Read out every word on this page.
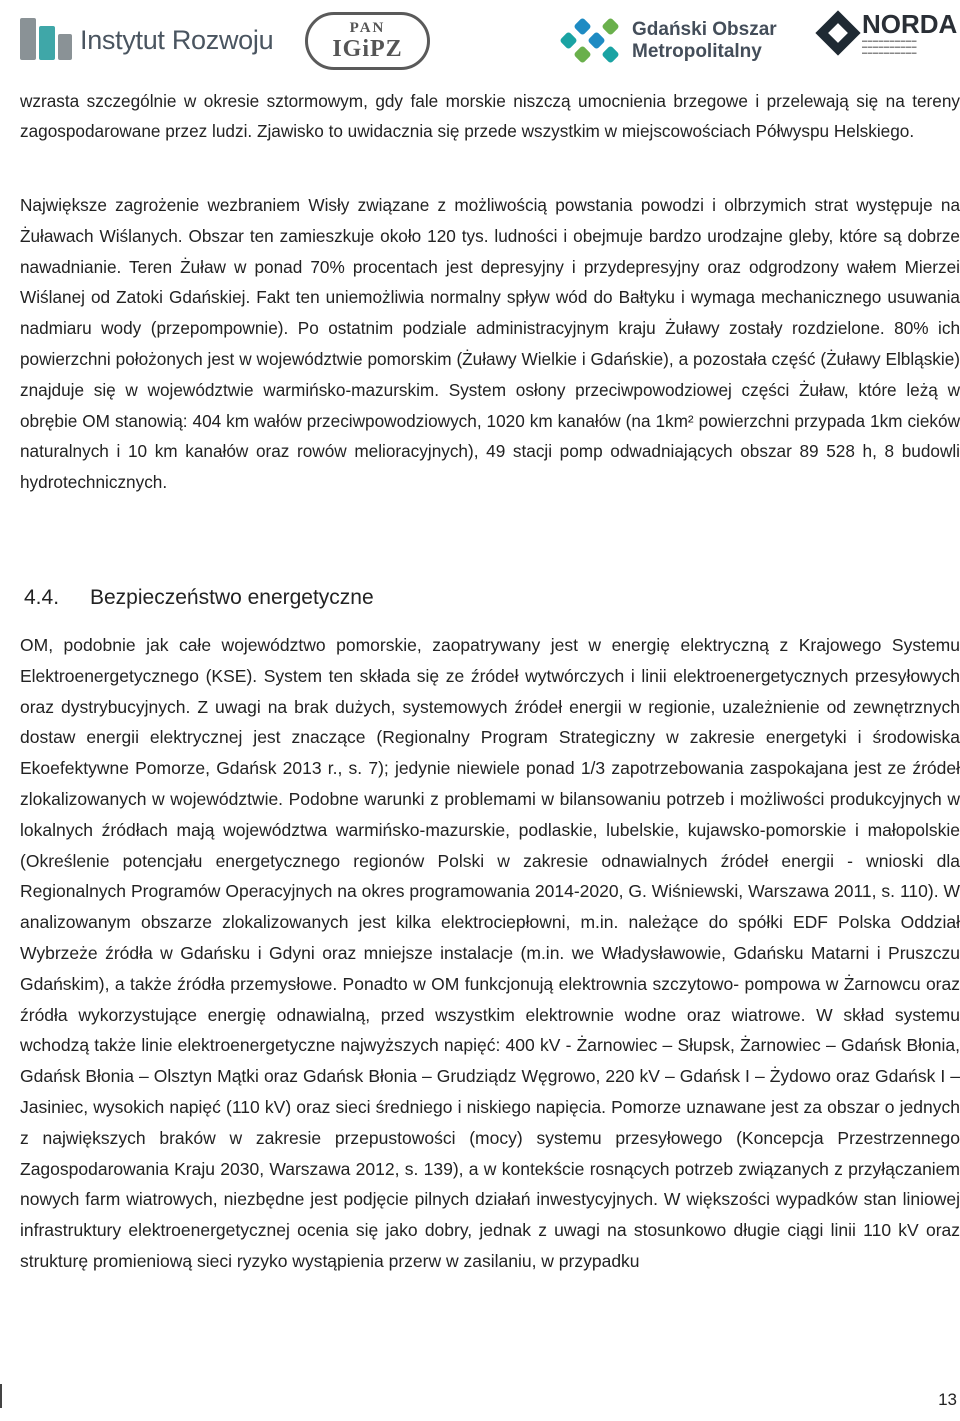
Instytut Rozwoju	PAN
IGiPZ
Gdański Obszar
Metropolitalny
NORDA
▬▬▬▬▬▬▬▬▬▬
▬▬▬▬▬▬▬▬▬▬
▬▬▬▬▬▬▬▬▬▬

wzrasta szczególnie w okresie sztormowym, gdy fale morskie niszczą umocnienia brzegowe i przelewają się na tereny zagospodarowane przez ludzi. Zjawisko to uwidacznia się przede wszystkim w miejscowościach Półwyspu Helskiego.

Największe zagrożenie wezbraniem Wisły związane z możliwością powstania powodzi i olbrzymich strat występuje na Żuławach Wiślanych. Obszar ten zamieszkuje około 120 tys. ludności i obejmuje bardzo urodzajne gleby, które są dobrze nawadnianie. Teren Żuław w ponad 70% procentach jest depresyjny i przydepresyjny oraz odgrodzony wałem Mierzei Wiślanej od Zatoki Gdańskiej. Fakt ten uniemożliwia normalny spływ wód do Bałtyku i wymaga mechanicznego usuwania nadmiaru wody (przepompownie). Po ostatnim podziale administracyjnym kraju Żuławy zostały rozdzielone. 80% ich powierzchni położonych jest w województwie pomorskim (Żuławy Wielkie i Gdańskie), a pozostała część (Żuławy Elbląskie) znajduje się w województwie warmińsko-mazurskim. System osłony przeciwpowodziowej części Żuław, które leżą w obrębie OM stanowią: 404 km wałów przeciwpowodziowych, 1020 km kanałów (na 1km² powierzchni przypada 1km cieków naturalnych i 10 km kanałów oraz rowów melioracyjnych), 49 stacji pomp odwadniających obszar 89 528 h, 8 budowli hydrotechnicznych.

4.4. Bezpieczeństwo energetyczne

OM, podobnie jak całe województwo pomorskie, zaopatrywany jest w energię elektryczną z Krajowego Systemu Elektroenergetycznego (KSE). System ten składa się ze źródeł wytwórczych i linii elektroenergetycznych przesyłowych oraz dystrybucyjnych. Z uwagi na brak dużych, systemowych źródeł energii w regionie, uzależnienie od zewnętrznych dostaw energii elektrycznej jest znaczące (Regionalny Program Strategiczny w zakresie energetyki i środowiska Ekoefektywne Pomorze, Gdańsk 2013 r., s. 7); jedynie niewiele ponad 1/3 zapotrzebowania zaspokajana jest ze źródeł zlokalizowanych w województwie. Podobne warunki z problemami w bilansowaniu potrzeb i możliwości produkcyjnych w lokalnych źródłach mają województwa warmińsko-mazurskie, podlaskie, lubelskie, kujawsko-pomorskie i małopolskie (Określenie potencjału energetycznego regionów Polski w zakresie odnawialnych źródeł energii - wnioski dla Regionalnych Programów Operacyjnych na okres programowania 2014-2020, G. Wiśniewski, Warszawa 2011, s. 110). W analizowanym obszarze zlokalizowanych jest kilka elektrociepłowni, m.in. należące do spółki EDF Polska Oddział Wybrzeże źródła w Gdańsku i Gdyni oraz mniejsze instalacje (m.in. we Władysławowie, Gdańsku Matarni i Pruszczu Gdańskim), a także źródła przemysłowe. Ponadto w OM funkcjonują elektrownia szczytowo- pompowa w Żarnowcu oraz źródła wykorzystujące energię odnawialną, przed wszystkim elektrownie wodne oraz wiatrowe. W skład systemu wchodzą także linie elektroenergetyczne najwyższych napięć: 400 kV - Żarnowiec – Słupsk, Żarnowiec – Gdańsk Błonia, Gdańsk Błonia – Olsztyn Mątki oraz Gdańsk Błonia – Grudziądz Węgrowo, 220 kV – Gdańsk I – Żydowo oraz Gdańsk I – Jasiniec, wysokich napięć (110 kV) oraz sieci średniego i niskiego napięcia. Pomorze uznawane jest za obszar o jednych z największych braków w zakresie przepustowości (mocy) systemu przesyłowego (Koncepcja Przestrzennego Zagospodarowania Kraju 2030, Warszawa 2012, s. 139), a w kontekście rosnących potrzeb związanych z przyłączaniem nowych farm wiatrowych, niezbędne jest podjęcie pilnych działań inwestycyjnych. W większości wypadków stan liniowej infrastruktury elektroenergetycznej ocenia się jako dobry, jednak z uwagi na stosunkowo długie ciągi linii 110 kV oraz strukturę promieniową sieci ryzyko wystąpienia przerw w zasilaniu, w przypadku

13
